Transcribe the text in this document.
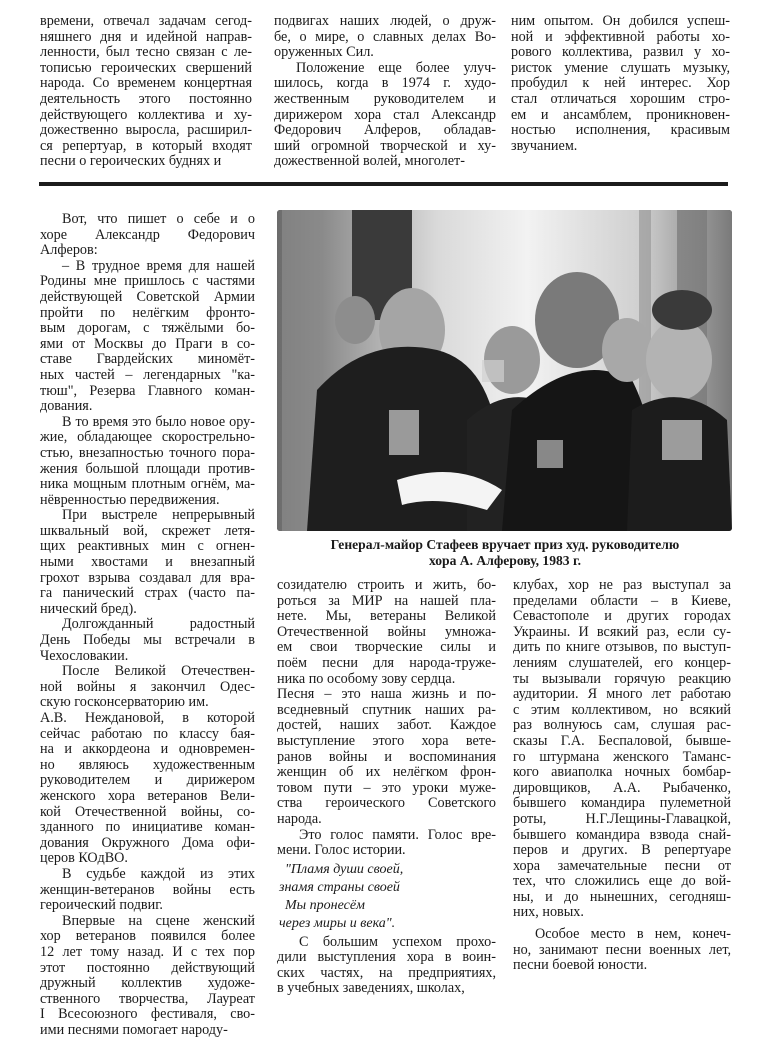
времени, отвечал задачам сегод-
няшнего дня и идейной направ-
ленности, был тесно связан с ле-
тописью героических свершений
народа. Со временем концертная
деятельность этого постоянно
действующего коллектива и ху-
дожественно выросла, расширил-
ся репертуар, в который входят
песни о героических буднях и
подвигах наших людей, о друж-
бе, о мире, о славных делах Во-
оруженных Сил.
Положение еще более улуч-
шилось, когда в 1974 г. худо-
жественным руководителем и
дирижером хора стал Александр
Федорович Алферов, обладав-
ший огромной творческой и ху-
дожественной волей, многолет-
ним опытом. Он добился успеш-
ной и эффективной работы хо-
рового коллектива, развил у хо-
ристок умение слушать музыку,
пробудил к ней интерес. Хор
стал отличаться хорошим стро-
ем и ансамблем, проникновен-
ностью исполнения, красивым
звучанием.
Вот, что пишет о себе и о
хоре Александр Федорович
Алферов:
– В трудное время для нашей
Родины мне пришлось с частями
действующей Советской Армии
пройти по нелёгким фронто-
вым дорогам, с тяжёлыми бо-
ями от Москвы до Праги в со-
ставе Гвардейских миномёт-
ных частей – легендарных "ка-
тюш", Резерва Главного коман-
дования.
В то время это было новое ору-
жие, обладающее скорострельно-
стью, внезапностью точного пора-
жения большой площади против-
ника мощным плотным огнём, ма-
нёвренностью передвижения.
При выстреле непрерывный
шквальный вой, скрежет летя-
щих реактивных мин с огнен-
ными хвостами и внезапный
грохот взрыва создавал для вра-
га панический страх (часто па-
нический бред).
Долгожданный радостный
День Победы мы встречали в
Чехословакии.
После Великой Отечествен-
ной войны я закончил Одес-
скую госконсерваторию им.
А.В. Неждановой, в которой
сейчас работаю по классу бая-
на и аккордеона и одновремен-
но являюсь художественным
руководителем и дирижером
женского хора ветеранов Вели-
кой Отечественной войны, со-
зданного по инициативе коман-
дования Окружного Дома офи-
церов КОдВО.
В судьбе каждой из этих
женщин-ветеранов войны есть
героический подвиг.
Впервые на сцене женский
хор ветеранов появился более
12 лет тому назад. И с тех пор
этот постоянно действующий
дружный коллектив художе-
ственного творчества, Лауреат
I Всесоюзного фестиваля, сво-
ими песнями помогает народу-
Генерал-майор Стафеев вручает приз худ. руководителю
хора А. Алферову, 1983 г.
созидателю строить и жить, бо-
роться за МИР на нашей пла-
нете. Мы, ветераны Великой
Отечественной войны умножа-
ем свои творческие силы и
поём песни для народа-труже-
ника по особому зову сердца.
Песня – это наша жизнь и по-
вседневный спутник наших ра-
достей, наших забот. Каждое
выступление этого хора вете-
ранов войны и воспоминания
женщин об их нелёгком фрон-
товом пути – это уроки муже-
ства героического Советского
народа.
Это голос памяти. Голос вре-
мени. Голос истории.
"Пламя души своей,
знамя страны своей
Мы пронесём
через миры и века".
С большим успехом прохо-
дили выступления хора в воин-
ских частях, на предприятиях,
в учебных заведениях, школах,
клубах, хор не раз выступал за
пределами области – в Киеве,
Севастополе и других городах
Украины. И всякий раз, если су-
дить по книге отзывов, по выступ-
лениям слушателей, его концер-
ты вызывали горячую реакцию
аудитории. Я много лет работаю
с этим коллективом, но всякий
раз волнуюсь сам, слушая рас-
сказы Г.А. Беспаловой, бывше-
го штурмана женского Таманс-
кого авиаполка ночных бомбар-
дировщиков, А.А. Рыбаченко,
бывшего командира пулеметной
роты, Н.Г.Лещины-Главацкой,
бывшего командира взвода снай-
перов и других. В репертуаре
хора замечательные песни от
тех, что сложились еще до вой-
ны, и до нынешних, сегодняш-
них, новых.
Особое место в нем, конеч-
но, занимают песни военных лет,
песни боевой юности.
